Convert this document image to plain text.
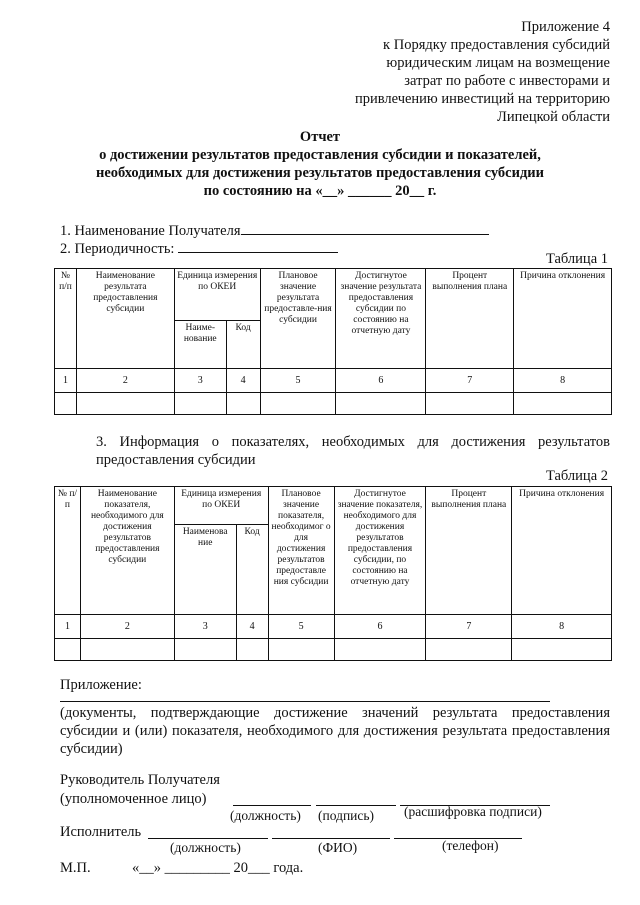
Приложение 4
к Порядку предоставления субсидий
юридическим лицам на возмещение
затрат по работе с инвесторами и
привлечению инвестиций на территорию
Липецкой области
Отчет
о достижении результатов предоставления субсидии и показателей,
необходимых для достижения результатов предоставления субсидии
по состоянию на «__» ______ 20__ г.
1. Наименование Получателя
2. Периодичность:
Таблица 1
№ п/п	Наименование результата предоставления субсидии	Единица измерения по ОКЕИ		Плановое значение результата предоставле-ния субсидии	Достигнутое значение результата предоставления субсидии по состоянию на отчетную дату	Процент выполнения плана	Причина отклонения
		Наиме-нование	Код				
1	2	3	4	5	6	7	8

3. Информация о показателях, необходимых для достижения результатов предоставления субсидии
Таблица 2
№ п/п	Наименование показателя, необходимого для достижения результатов предоставления субсидии	Единица измерения по ОКЕИ		Плановое значение показателя, необходимог о для достижения результатов предоставле ния субсидии	Достигнутое значение показателя, необходимого для достижения результатов предоставления субсидии, по состоянию на отчетную дату	Процент выполнения плана	Причина отклонения
		Наименова ние	Код				
1	2	3	4	5	6	7	8

Приложение:
(документы, подтверждающие достижение значений результата предоставления субсидии и (или) показателя, необходимого для достижения результата предоставления субсидии)
Руководитель Получателя
(уполномоченное лицо)
(должность) (подпись) (расшифровка подписи)
Исполнитель
(должность)	(ФИО)	(телефон)
М.П.	«__» _________ 20___ года.
